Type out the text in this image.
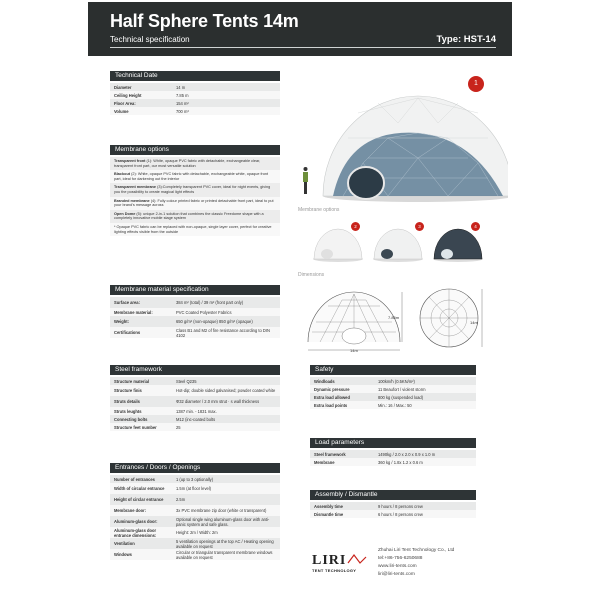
Half Sphere Tents 14m
Technical specification	Type: HST-14
Technical Date
Diameter	14 m
Ceiling Height	7.85 m
Floor Area:	154 m²
Volume	700 m³
Membrane options
Transparent front (1): White, opaque PVC fabric with detachable, exchangeable clear, transparent front part, our most versatile solution
Blackout (2): White, opaque PVC fabric with detachable, exchangeable white, opaque front part, ideal for darkening out the interior
Transparent membrane (3):Completely transparent PVC cover, ideal for night events, giving you the possibility to create magical light effects
Branded membrane (4): Fully colour printed fabric or printed detachable front part, ideal to put your brand's message across
Open Dome (5): unique 2-in-1 solution that combines the classic Freedome shape with a completely innovative mobile stage system
* Opaque PVC fabric can be replaced with non-opaque, single layer cover, perfect for creative lighting effects visible from the outside
Membrane material specification
Surface area:	384 m² (total) / 39 m² (front part only)
Membrane material:	PVC Coated Polyester Fabrics
Weight:	650 g/m² (non-opaque) 850 g/m² (opaque)
Certifications	Class B1 and M2 of fire resistance according to DIN 4102
Steel framework
Structure material	Steel Q235
Structure finis	Hot-dip; double sided galvanised; powder coated white
Struts details	Φ32 diameter / 2.0 mm strut · s wall thickness
Struts leughts	1387 min. - 1831 max.
Connecting bolts	M12 (inc-coated bolts
Structure feet number	25
Entrances / Doors / Openings
Number of entrances	1 (up to 3 optionally)
Width of circular entrance	1.5m (at floor level)
Height of circlar entrance	2.5m
Membrane door:	3x PVC membrane zip door (white or transparent)
Aluminum-glass door:	Optional single wing aluminum-glass door with anti-panic system and safe glass.
Aluminum-glass door entrance dimensions:	Height: 2m / Width: 2m
Ventilation	5 ventilation openings at the top AC / Heating opening available on request
Windows	Circular or triangular transparent membrane windows available on request
Safety
Windloads	100km/h (0.5KN/m²)
Dynamic pressure	11 Beaufort / violent storm
Extra load allowed	800 kg (suspended load)
Extra load points	Min.: 16 / Max.: 50
Load parameters
Steel framework	1490kg / 2.0 x 2.0 x 0.9 x 1.0 m
Membrane	360 kg / 1.8x 1.2 x 0.6 m
Assembly / Dismantle
Assembly time	9 hours / 8 persons crew
Dismantle time	6 hours / 8 persons crew
1
Membrane options
2	3	4
Dimensions
14m
7.85m
14m
LIRI
TENT TECHNOLOGY
Zhuhai Liri Tent Technology Co., Ltd
tel:+86-756-6250688
www.liri-tents.com
liri@liri-tents.com
